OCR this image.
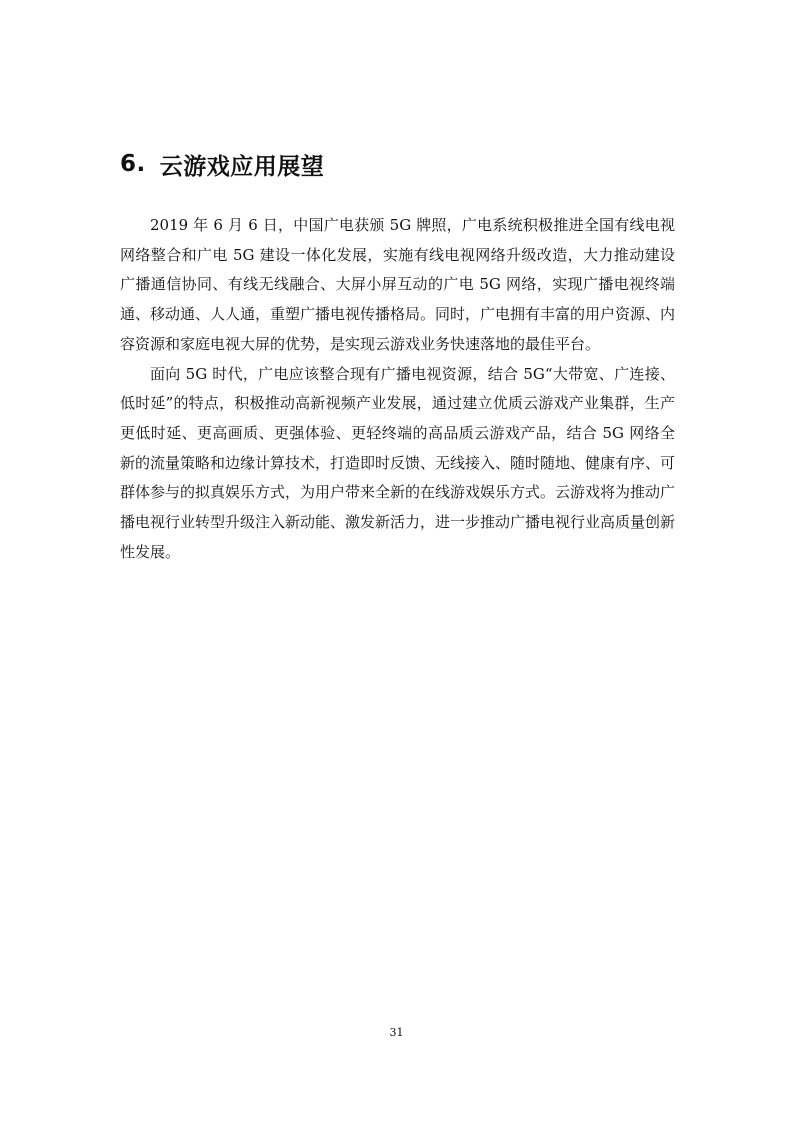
6. 云游戏应用展望

2019 年 6 月 6 日，中国广电获颁 5G 牌照，广电系统积极推进全国有线电视网络整合和广电 5G 建设一体化发展，实施有线电视网络升级改造，大力推动建设广播通信协同、有线无线融合、大屏小屏互动的广电 5G 网络，实现广播电视终端通、移动通、人人通，重塑广播电视传播格局。同时，广电拥有丰富的用户资源、内容资源和家庭电视大屏的优势，是实现云游戏业务快速落地的最佳平台。

面向 5G 时代，广电应该整合现有广播电视资源，结合 5G“大带宽、广连接、低时延”的特点，积极推动高新视频产业发展，通过建立优质云游戏产业集群，生产更低时延、更高画质、更强体验、更轻终端的高品质云游戏产品，结合 5G 网络全新的流量策略和边缘计算技术，打造即时反馈、无线接入、随时随地、健康有序、可群体参与的拟真娱乐方式，为用户带来全新的在线游戏娱乐方式。云游戏将为推动广播电视行业转型升级注入新动能、激发新活力，进一步推动广播电视行业高质量创新性发展。

31
